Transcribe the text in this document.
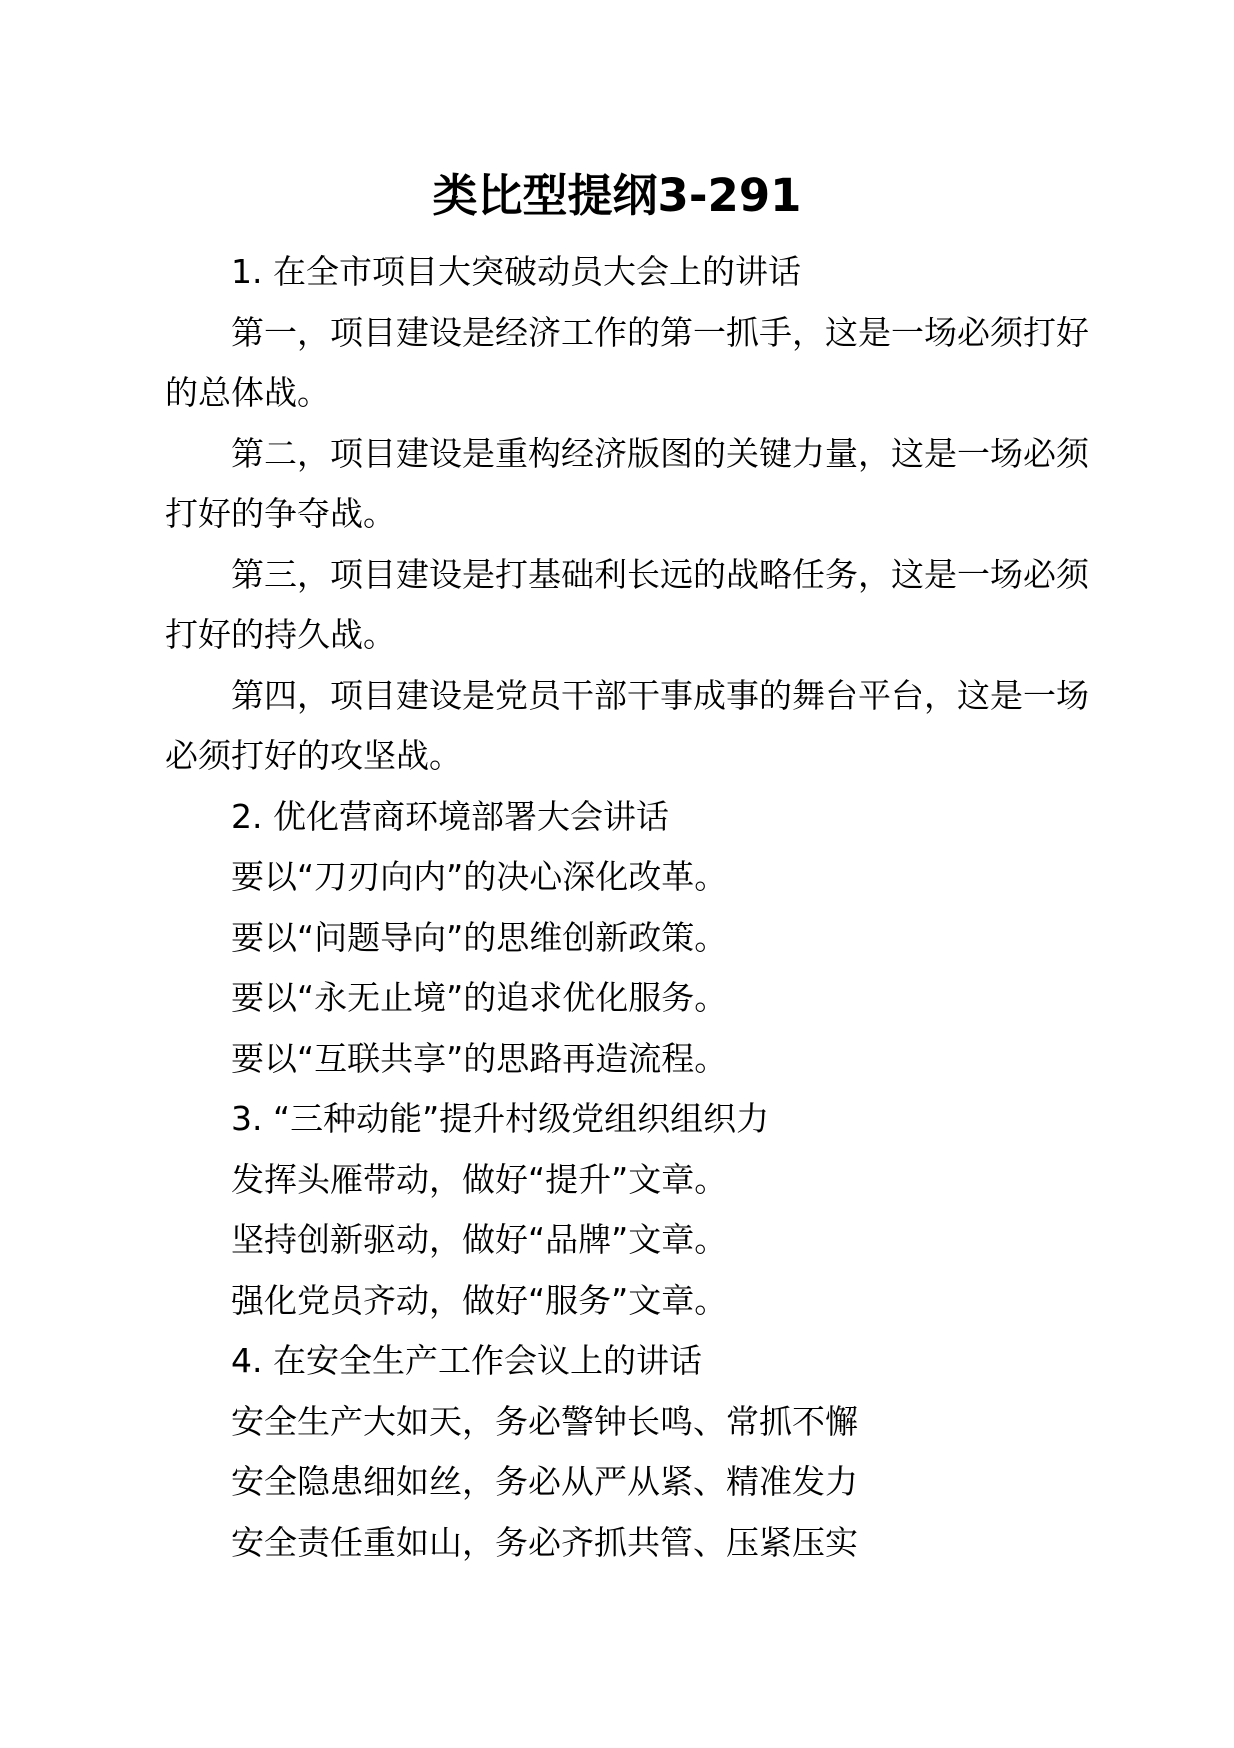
类比型提纲3-291

1. 在全市项目大突破动员大会上的讲话

第一，项目建设是经济工作的第一抓手，这是一场必须打好的总体战。

第二，项目建设是重构经济版图的关键力量，这是一场必须打好的争夺战。

第三，项目建设是打基础利长远的战略任务，这是一场必须打好的持久战。

第四，项目建设是党员干部干事成事的舞台平台，这是一场必须打好的攻坚战。

2. 优化营商环境部署大会讲话

要以“刀刃向内”的决心深化改革。

要以“问题导向”的思维创新政策。

要以“永无止境”的追求优化服务。

要以“互联共享”的思路再造流程。

3. “三种动能”提升村级党组织组织力

发挥头雁带动，做好“提升”文章。

坚持创新驱动，做好“品牌”文章。

强化党员齐动，做好“服务”文章。

4. 在安全生产工作会议上的讲话

安全生产大如天，务必警钟长鸣、常抓不懈

安全隐患细如丝，务必从严从紧、精准发力

安全责任重如山，务必齐抓共管、压紧压实
